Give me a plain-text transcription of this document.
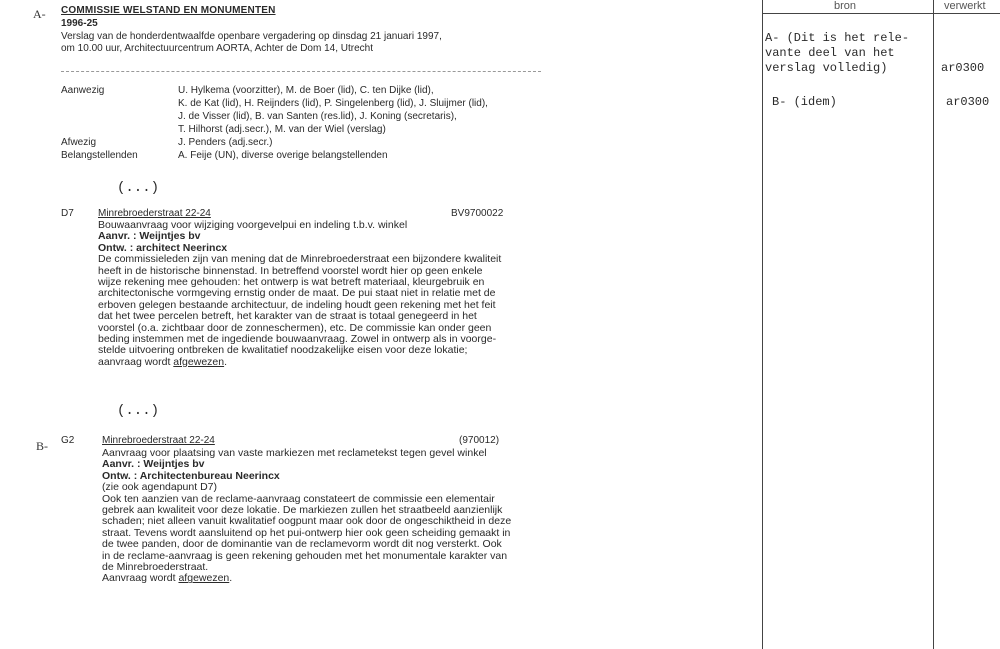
A- COMMISSIE WELSTAND EN MONUMENTEN
1996-25
Verslag van de honderdentwaalfde openbare vergadering op dinsdag 21 januari 1997,
om 10.00 uur, Architectuurcentrum AORTA, Achter de Dom 14, Utrecht
Aanwezig	U. Hylkema (voorzitter), M. de Boer (lid), C. ten Dijke (lid),
K. de Kat (lid), H. Reijnders (lid), P. Singelenberg (lid), J. Sluijmer (lid),
J. de Visser (lid), B. van Santen (res.lid), J. Koning (secretaris),
T. Hilhorst (adj.secr.), M. van der Wiel (verslag)
Afwezig	J. Penders (adj.secr.)
Belangstellenden	A. Feije (UN), diverse overige belangstellenden
(...)
D7 Minrebroederstraat 22-24	BV9700022
Bouwaanvraag voor wijziging voorgevelpui en indeling t.b.v. winkel
Aanvr. : Weijntjes bv
Ontw. : architect Neerincx
De commissieleden zijn van mening dat de Minrebroederstraat een bijzondere kwaliteit
heeft in de historische binnenstad. In betreffend voorstel wordt hier op geen enkele
wijze rekening mee gehouden: het ontwerp is wat betreft materiaal, kleurgebruik en
architectonische vormgeving ernstig onder de maat. De pui staat niet in relatie met de
erboven gelegen bestaande architectuur, de indeling houdt geen rekening met het feit
dat het twee percelen betreft, het karakter van de straat is totaal genegeerd in het
voorstel (o.a. zichtbaar door de zonneschermen), etc. De commissie kan onder geen
beding instemmen met de ingediende bouwaanvraag. Zowel in ontwerp als in voorge-
stelde uitvoering ontbreken de kwalitatief noodzakelijke eisen voor deze lokatie;
aanvraag wordt afgewezen.
(...)
B- G2	Minrebroederstraat 22-24	(970012)
Aanvraag voor plaatsing van vaste markiezen met reclametekst tegen gevel winkel
Aanvr. : Weijntjes bv
Ontw. : Architectenbureau Neerincx
(zie ook agendapunt D7)
Ook ten aanzien van de reclame-aanvraag constateert de commissie een elementair
gebrek aan kwaliteit voor deze lokatie. De markiezen zullen het straatbeeld aanzienlijk
schaden; niet alleen vanuit kwalitatief oogpunt maar ook door de ongeschiktheid in deze
straat. Tevens wordt aansluitend op het pui-ontwerp hier ook geen scheiding gemaakt in
de twee panden, door de dominantie van de reclamevorm wordt dit nog versterkt. Ook
in de reclame-aanvraag is geen rekening gehouden met het monumentale karakter van
de Minrebroederstraat.
Aanvraag wordt afgewezen.
bron	verwerkt
A- (Dit is het rele-
vante deel van het
verslag volledig)	ar0300
B- (idem)	ar0300
